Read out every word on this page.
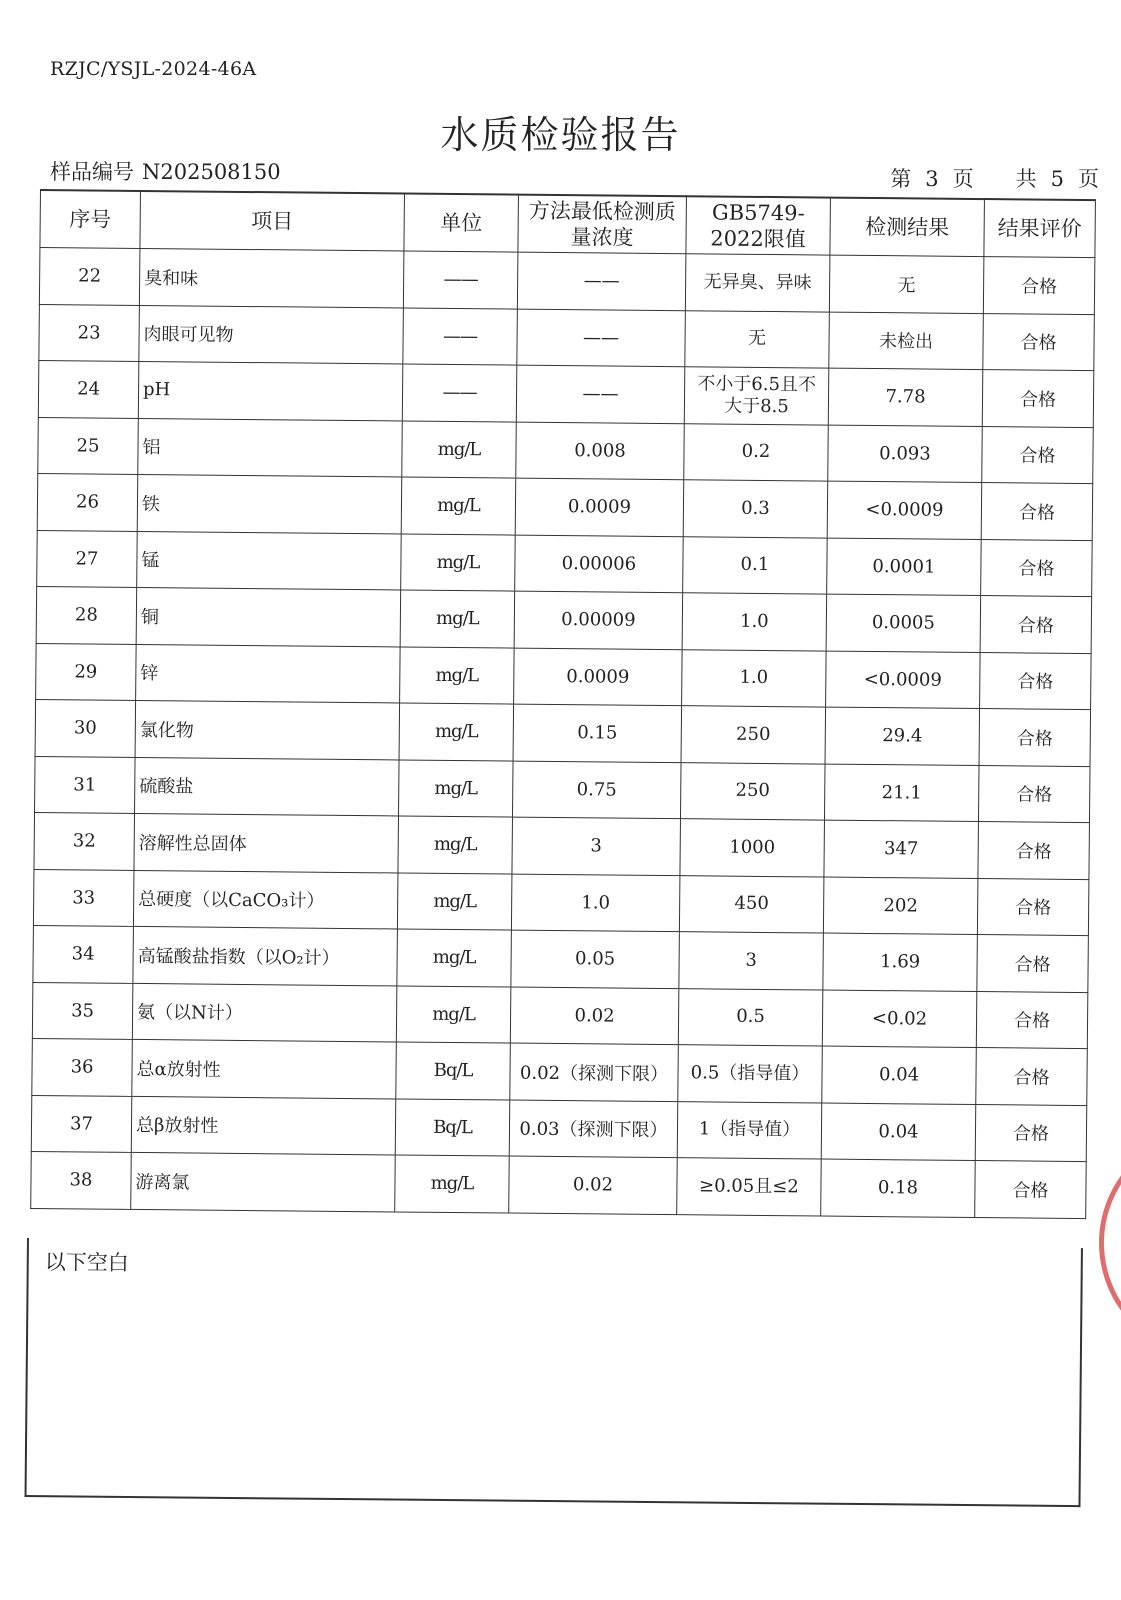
RZJC/YSJL-2024-46A
水质检验报告
样品编号 N202508150	第 3 页 共 5 页
序号	项目	单位	方法最低检测质量浓度	GB5749-2022限值	检测结果	结果评价
22	臭和味	——	——	无异臭、异味	无	合格
23	肉眼可见物	——	——	无	未检出	合格
24	pH	——	——	不小于6.5且不大于8.5	7.78	合格
25	铝	mg/L	0.008	0.2	0.093	合格
26	铁	mg/L	0.0009	0.3	<0.0009	合格
27	锰	mg/L	0.00006	0.1	0.0001	合格
28	铜	mg/L	0.00009	1.0	0.0005	合格
29	锌	mg/L	0.0009	1.0	<0.0009	合格
30	氯化物	mg/L	0.15	250	29.4	合格
31	硫酸盐	mg/L	0.75	250	21.1	合格
32	溶解性总固体	mg/L	3	1000	347	合格
33	总硬度（以CaCO₃计）	mg/L	1.0	450	202	合格
34	高锰酸盐指数（以O₂计）	mg/L	0.05	3	1.69	合格
35	氨（以N计）	mg/L	0.02	0.5	<0.02	合格
36	总α放射性	Bq/L	0.02（探测下限）	0.5（指导值）	0.04	合格
37	总β放射性	Bq/L	0.03（探测下限）	1（指导值）	0.04	合格
38	游离氯	mg/L	0.02	≥0.05且≤2	0.18	合格
以下空白
